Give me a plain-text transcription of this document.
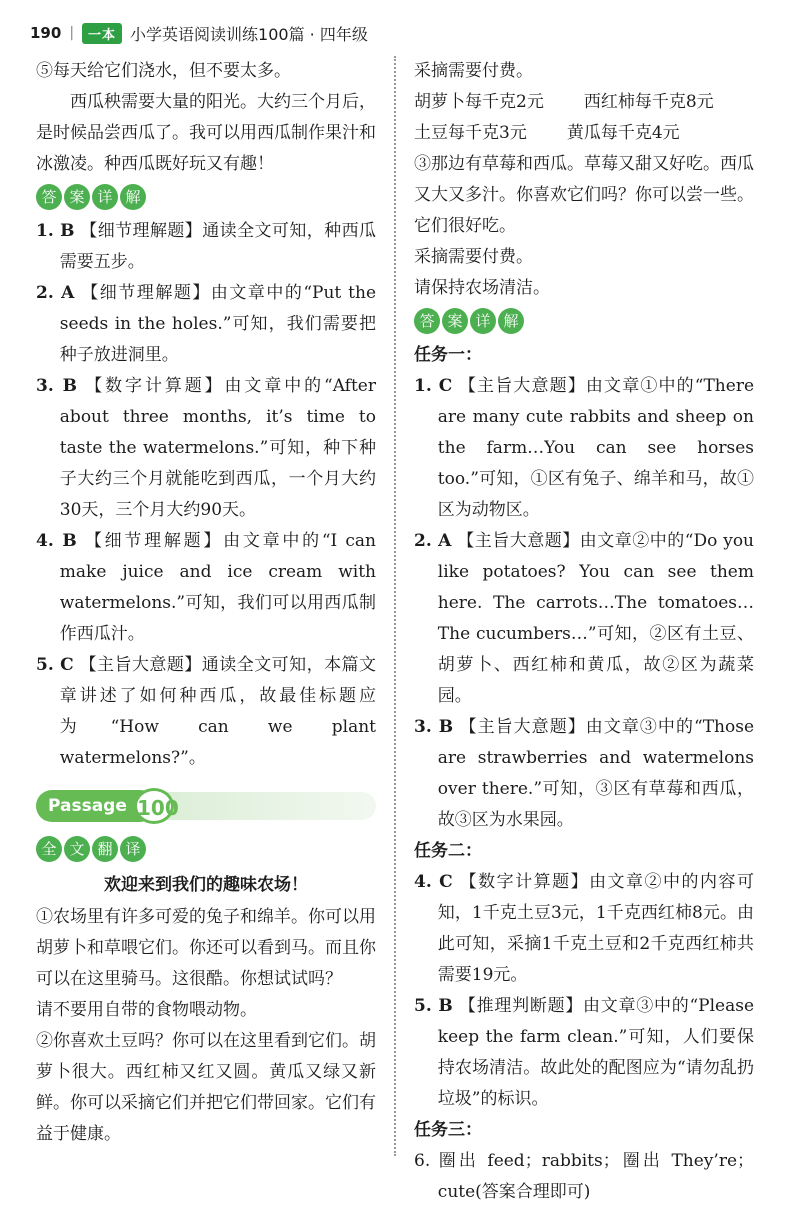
190 |	一本 小学英语阅读训练100篇 · 四年级

⑤每天给它们浇水，但不要太多。

西瓜秧需要大量的阳光。大约三个月后，是时候品尝西瓜了。我可以用西瓜制作果汁和冰激凌。种西瓜既好玩又有趣！

答 案 详 解

1. B 【细节理解题】通读全文可知，种西瓜需要五步。

2. A 【细节理解题】由文章中的“Put the seeds in the holes.”可知，我们需要把种子放进洞里。

3. B 【数字计算题】由文章中的“After about three months, it’s time to taste the watermelons.”可知，种下种子大约三个月就能吃到西瓜，一个月大约30天，三个月大约90天。

4. B 【细节理解题】由文章中的“I can make juice and ice cream with watermelons.”可知，我们可以用西瓜制作西瓜汁。

5. C 【主旨大意题】通读全文可知，本篇文章讲述了如何种西瓜，故最佳标题应为“How can we plant watermelons?”。

Passage 100
全 文 翻 译

欢迎来到我们的趣味农场！

①农场里有许多可爱的兔子和绵羊。你可以用胡萝卜和草喂它们。你还可以看到马。而且你可以在这里骑马。这很酷。你想试试吗？

请不要用自带的食物喂动物。

②你喜欢土豆吗？你可以在这里看到它们。胡萝卜很大。西红柿又红又圆。黄瓜又绿又新鲜。你可以采摘它们并把它们带回家。它们有益于健康。

采摘需要付费。

胡萝卜每千克2元 西红柿每千克8元
土豆每千克3元 黄瓜每千克4元

③那边有草莓和西瓜。草莓又甜又好吃。西瓜又大又多汁。你喜欢它们吗？你可以尝一些。它们很好吃。

采摘需要付费。

请保持农场清洁。

答 案 详 解

任务一：

1. C 【主旨大意题】由文章①中的“There are many cute rabbits and sheep on the farm…You can see horses too.”可知，①区有兔子、绵羊和马，故①区为动物区。

2. A 【主旨大意题】由文章②中的“Do you like potatoes? You can see them here. The carrots…The tomatoes…The cucumbers…”可知，②区有土豆、胡萝卜、西红柿和黄瓜，故②区为蔬菜园。

3. B 【主旨大意题】由文章③中的“Those are strawberries and watermelons over there.”可知，③区有草莓和西瓜，故③区为水果园。

任务二：

4. C 【数字计算题】由文章②中的内容可知，1千克土豆3元，1千克西红柿8元。由此可知，采摘1千克土豆和2千克西红柿共需要19元。

5. B 【推理判断题】由文章③中的“Please keep the farm clean.”可知，人们要保持农场清洁。故此处的配图应为“请勿乱扔垃圾”的标识。

任务三：

6. 圈出 feed；rabbits；圈出 They’re；cute(答案合理即可)
